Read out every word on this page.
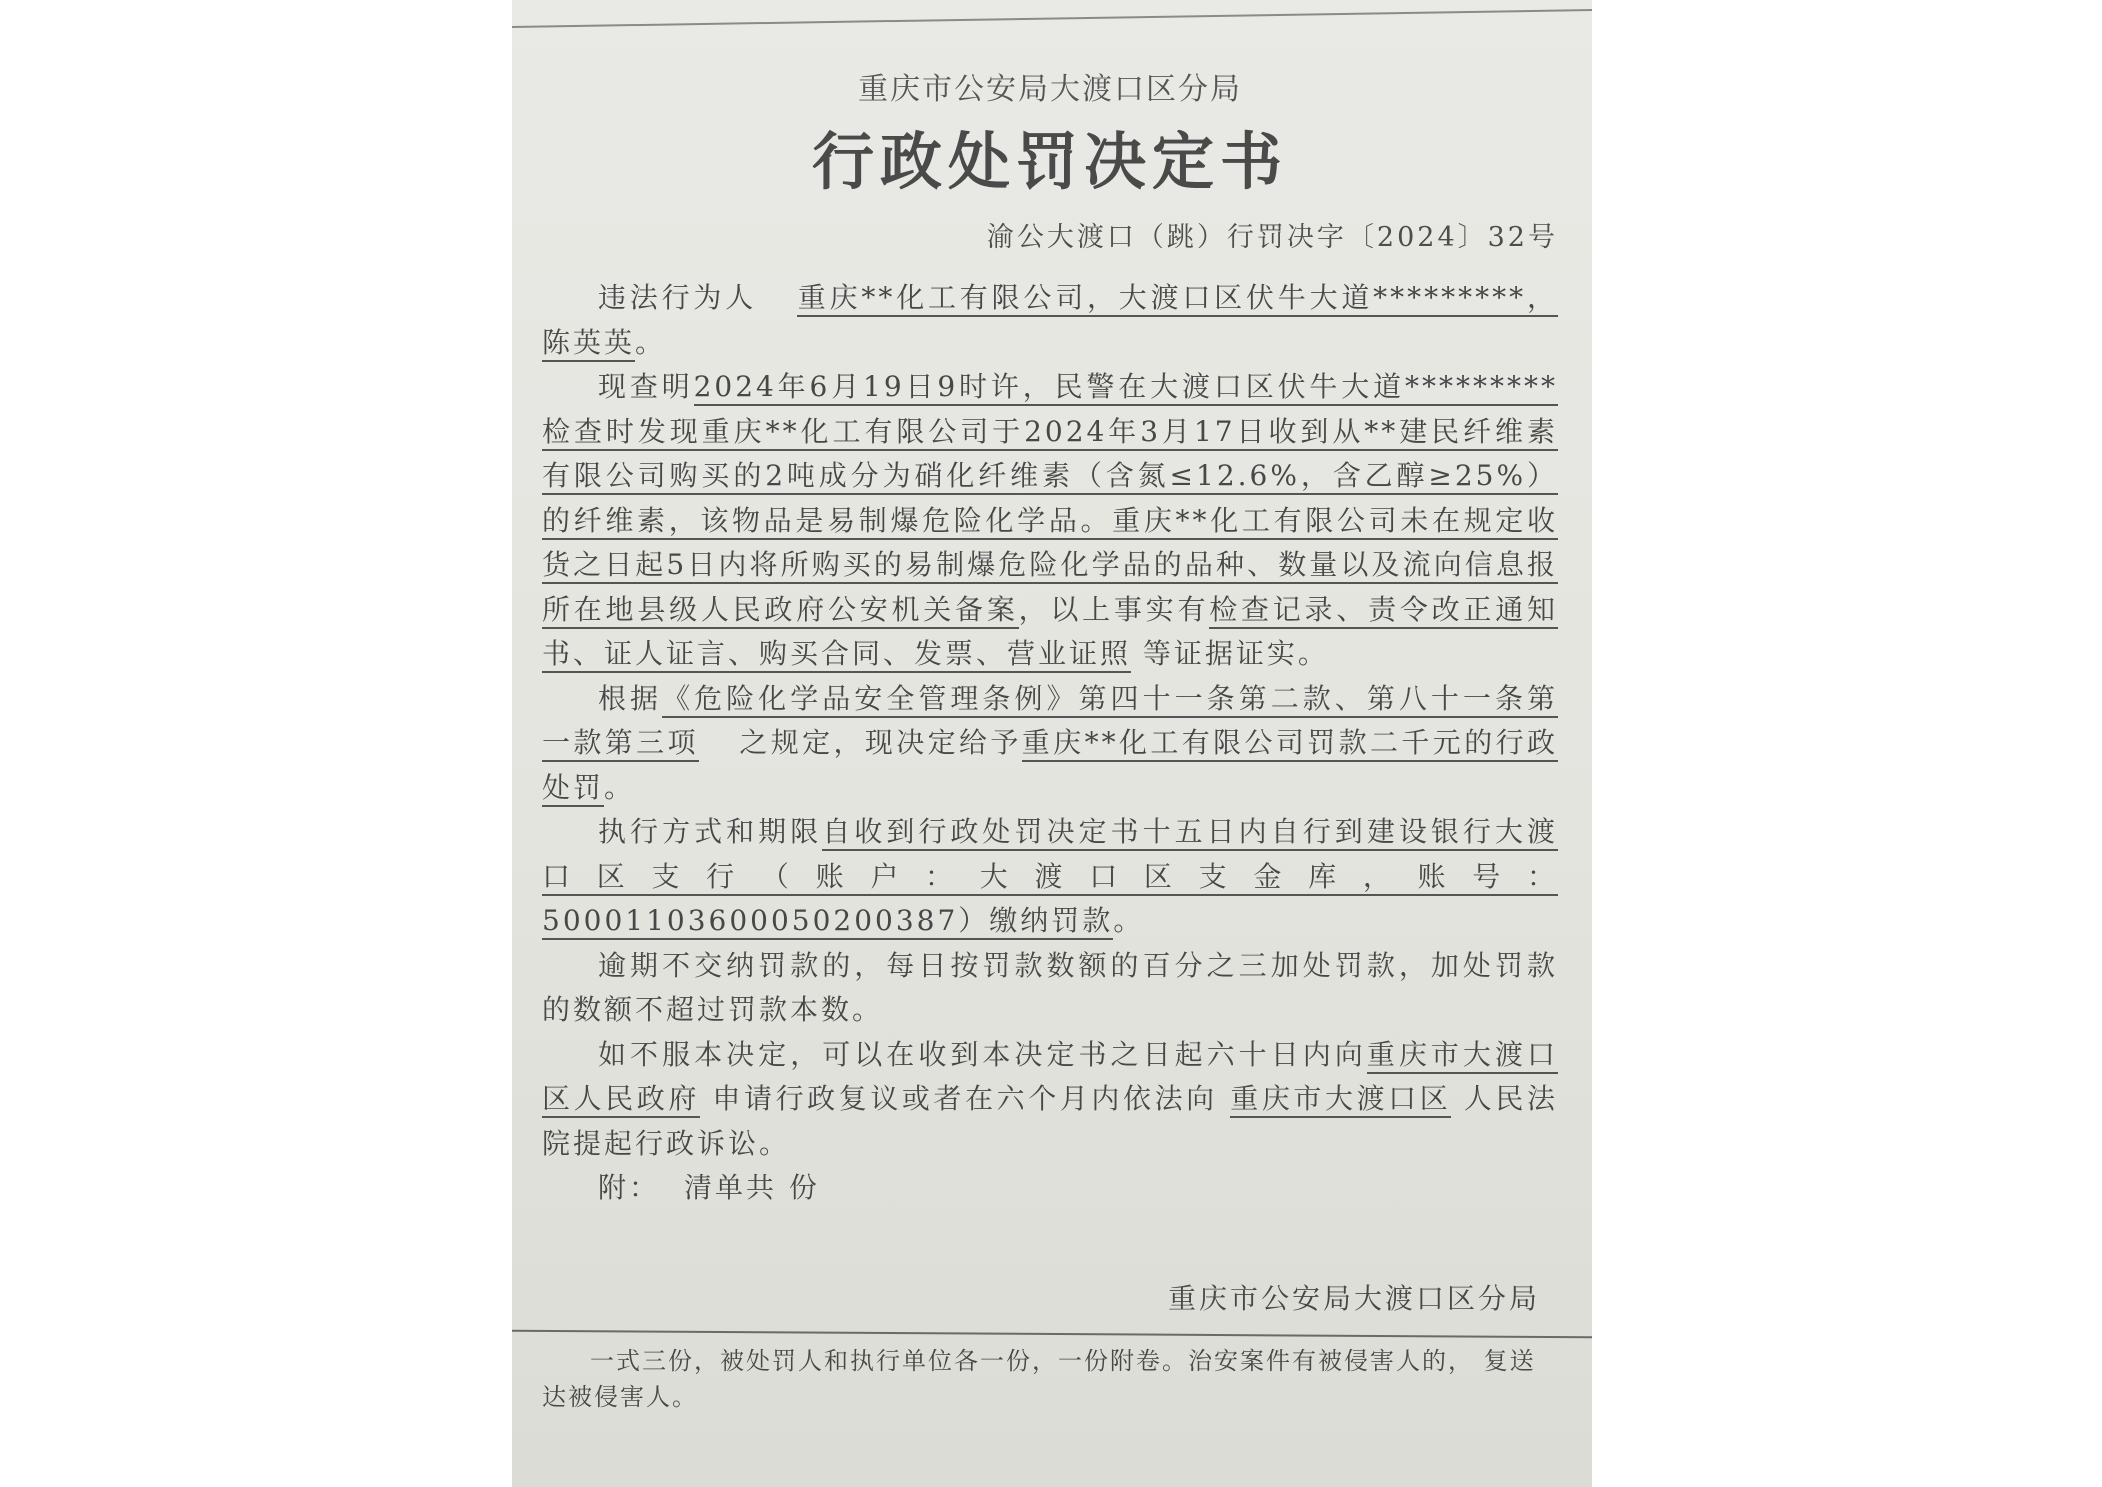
重庆市公安局大渡口区分局
行政处罚决定书
渝公大渡口（跳）行罚决字〔2024〕32号

违法行为人 重庆**化工有限公司，大渡口区伏牛大道*********，陈英英。

现查明2024年6月19日9时许，民警在大渡口区伏牛大道*********检查时发现重庆**化工有限公司于2024年3月17日收到从**建民纤维素有限公司购买的2吨成分为硝化纤维素（含氮≤12.6%，含乙醇≥25%）的纤维素，该物品是易制爆危险化学品。重庆**化工有限公司未在规定收货之日起5日内将所购买的易制爆危险化学品的品种、数量以及流向信息报所在地县级人民政府公安机关备案，以上事实有检查记录、责令改正通知书、证人证言、购买合同、发票、营业证照 等证据证实。

根据《危险化学品安全管理条例》第四十一条第二款、第八十一条第一款第三项 之规定，现决定给予重庆**化工有限公司罚款二千元的行政处罚。

执行方式和期限自收到行政处罚决定书十五日内自行到建设银行大渡口区支行（账户：大渡口区支金库，账号：50001103600050200387）缴纳罚款。

逾期不交纳罚款的，每日按罚款数额的百分之三加处罚款，加处罚款的数额不超过罚款本数。

如不服本决定，可以在收到本决定书之日起六十日内向重庆市大渡口区人民政府 申请行政复议或者在六个月内依法向 重庆市大渡口区 人民法院提起行政诉讼。

附： 清单共 份

重庆市公安局大渡口区分局

一式三份，被处罚人和执行单位各一份，一份附卷。治安案件有被侵害人的， 复送达被侵害人。
